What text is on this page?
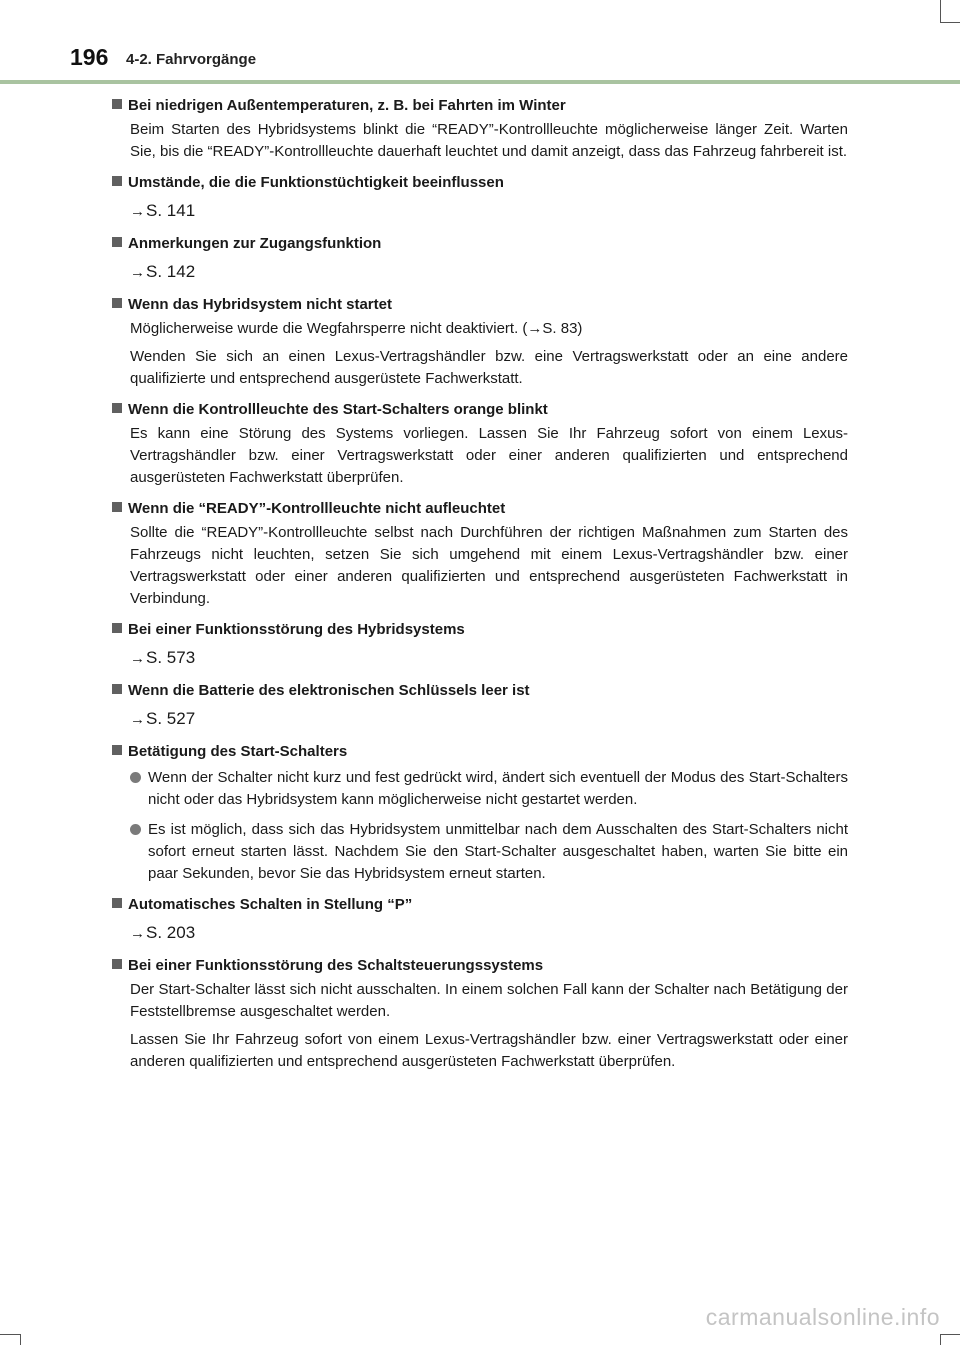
196 4-2. Fahrvorgänge

Bei niedrigen Außentemperaturen, z. B. bei Fahrten im Winter

Beim Starten des Hybridsystems blinkt die “READY”-Kontrollleuchte möglicherweise länger Zeit. Warten Sie, bis die “READY”-Kontrollleuchte dauerhaft leuchtet und damit anzeigt, dass das Fahrzeug fahrbereit ist.

Umstände, die die Funktionstüchtigkeit beeinflussen

→S. 141

Anmerkungen zur Zugangsfunktion

→S. 142

Wenn das Hybridsystem nicht startet

Möglicherweise wurde die Wegfahrsperre nicht deaktiviert. (→S. 83)

Wenden Sie sich an einen Lexus-Vertragshändler bzw. eine Vertragswerkstatt oder an eine andere qualifizierte und entsprechend ausgerüstete Fachwerkstatt.

Wenn die Kontrollleuchte des Start-Schalters orange blinkt

Es kann eine Störung des Systems vorliegen. Lassen Sie Ihr Fahrzeug sofort von einem Lexus-Vertragshändler bzw. einer Vertragswerkstatt oder einer anderen qualifizierten und entsprechend ausgerüsteten Fachwerkstatt überprüfen.

Wenn die “READY”-Kontrollleuchte nicht aufleuchtet

Sollte die “READY”-Kontrollleuchte selbst nach Durchführen der richtigen Maßnahmen zum Starten des Fahrzeugs nicht leuchten, setzen Sie sich umgehend mit einem Lexus-Vertragshändler bzw. einer Vertragswerkstatt oder einer anderen qualifizierten und entsprechend ausgerüsteten Fachwerkstatt in Verbindung.

Bei einer Funktionsstörung des Hybridsystems

→S. 573

Wenn die Batterie des elektronischen Schlüssels leer ist

→S. 527

Betätigung des Start-Schalters

Wenn der Schalter nicht kurz und fest gedrückt wird, ändert sich eventuell der Modus des Start-Schalters nicht oder das Hybridsystem kann möglicherweise nicht gestartet werden.
Es ist möglich, dass sich das Hybridsystem unmittelbar nach dem Ausschalten des Start-Schalters nicht sofort erneut starten lässt. Nachdem Sie den Start-Schalter ausgeschaltet haben, warten Sie bitte ein paar Sekunden, bevor Sie das Hybridsystem erneut starten.

Automatisches Schalten in Stellung “P”

→S. 203

Bei einer Funktionsstörung des Schaltsteuerungssystems

Der Start-Schalter lässt sich nicht ausschalten. In einem solchen Fall kann der Schalter nach Betätigung der Feststellbremse ausgeschaltet werden.

Lassen Sie Ihr Fahrzeug sofort von einem Lexus-Vertragshändler bzw. einer Vertragswerkstatt oder einer anderen qualifizierten und entsprechend ausgerüsteten Fachwerkstatt überprüfen.

carmanualsonline.info
